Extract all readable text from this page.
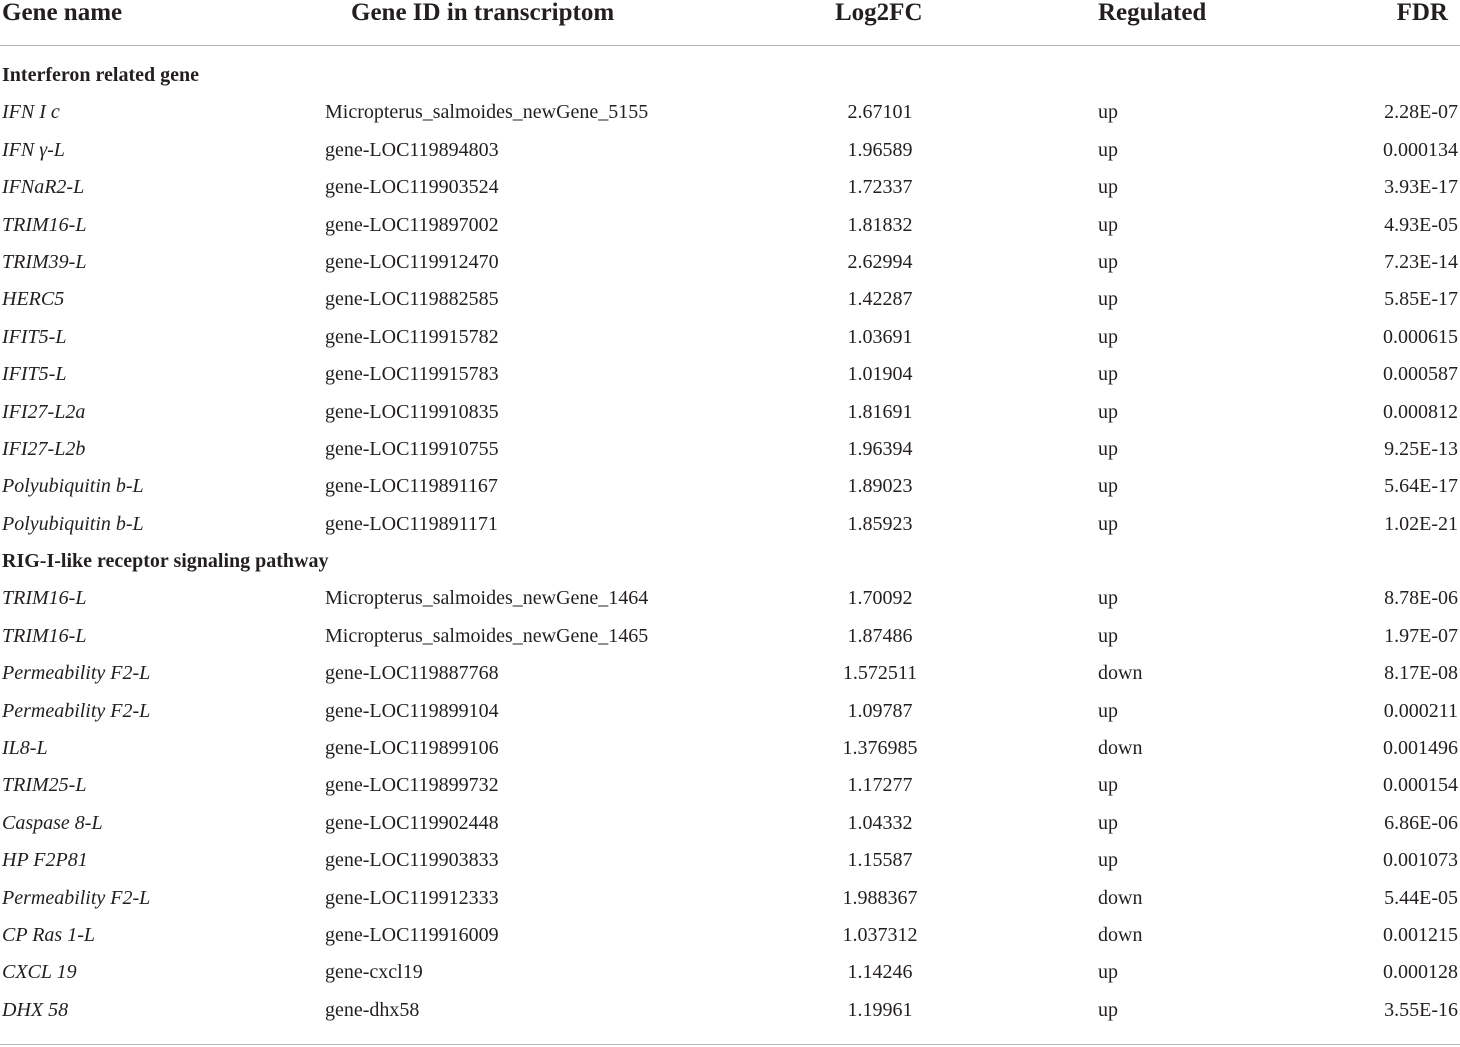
Gene name	Gene ID in transcriptom	Log2FC	Regulated	FDR
Interferon related gene
IFN I c	Micropterus_salmoides_newGene_5155	2.67101	up	2.28E-07
IFN γ-L	gene-LOC119894803	1.96589	up	0.000134
IFNaR2-L	gene-LOC119903524	1.72337	up	3.93E-17
TRIM16-L	gene-LOC119897002	1.81832	up	4.93E-05
TRIM39-L	gene-LOC119912470	2.62994	up	7.23E-14
HERC5	gene-LOC119882585	1.42287	up	5.85E-17
IFIT5-L	gene-LOC119915782	1.03691	up	0.000615
IFIT5-L	gene-LOC119915783	1.01904	up	0.000587
IFI27-L2a	gene-LOC119910835	1.81691	up	0.000812
IFI27-L2b	gene-LOC119910755	1.96394	up	9.25E-13
Polyubiquitin b-L	gene-LOC119891167	1.89023	up	5.64E-17
Polyubiquitin b-L	gene-LOC119891171	1.85923	up	1.02E-21
RIG-I-like receptor signaling pathway
TRIM16-L	Micropterus_salmoides_newGene_1464	1.70092	up	8.78E-06
TRIM16-L	Micropterus_salmoides_newGene_1465	1.87486	up	1.97E-07
Permeability F2-L	gene-LOC119887768	1.572511	down	8.17E-08
Permeability F2-L	gene-LOC119899104	1.09787	up	0.000211
IL8-L	gene-LOC119899106	1.376985	down	0.001496
TRIM25-L	gene-LOC119899732	1.17277	up	0.000154
Caspase 8-L	gene-LOC119902448	1.04332	up	6.86E-06
HP F2P81	gene-LOC119903833	1.15587	up	0.001073
Permeability F2-L	gene-LOC119912333	1.988367	down	5.44E-05
CP Ras 1-L	gene-LOC119916009	1.037312	down	0.001215
CXCL 19	gene-cxcl19	1.14246	up	0.000128
DHX 58	gene-dhx58	1.19961	up	3.55E-16
